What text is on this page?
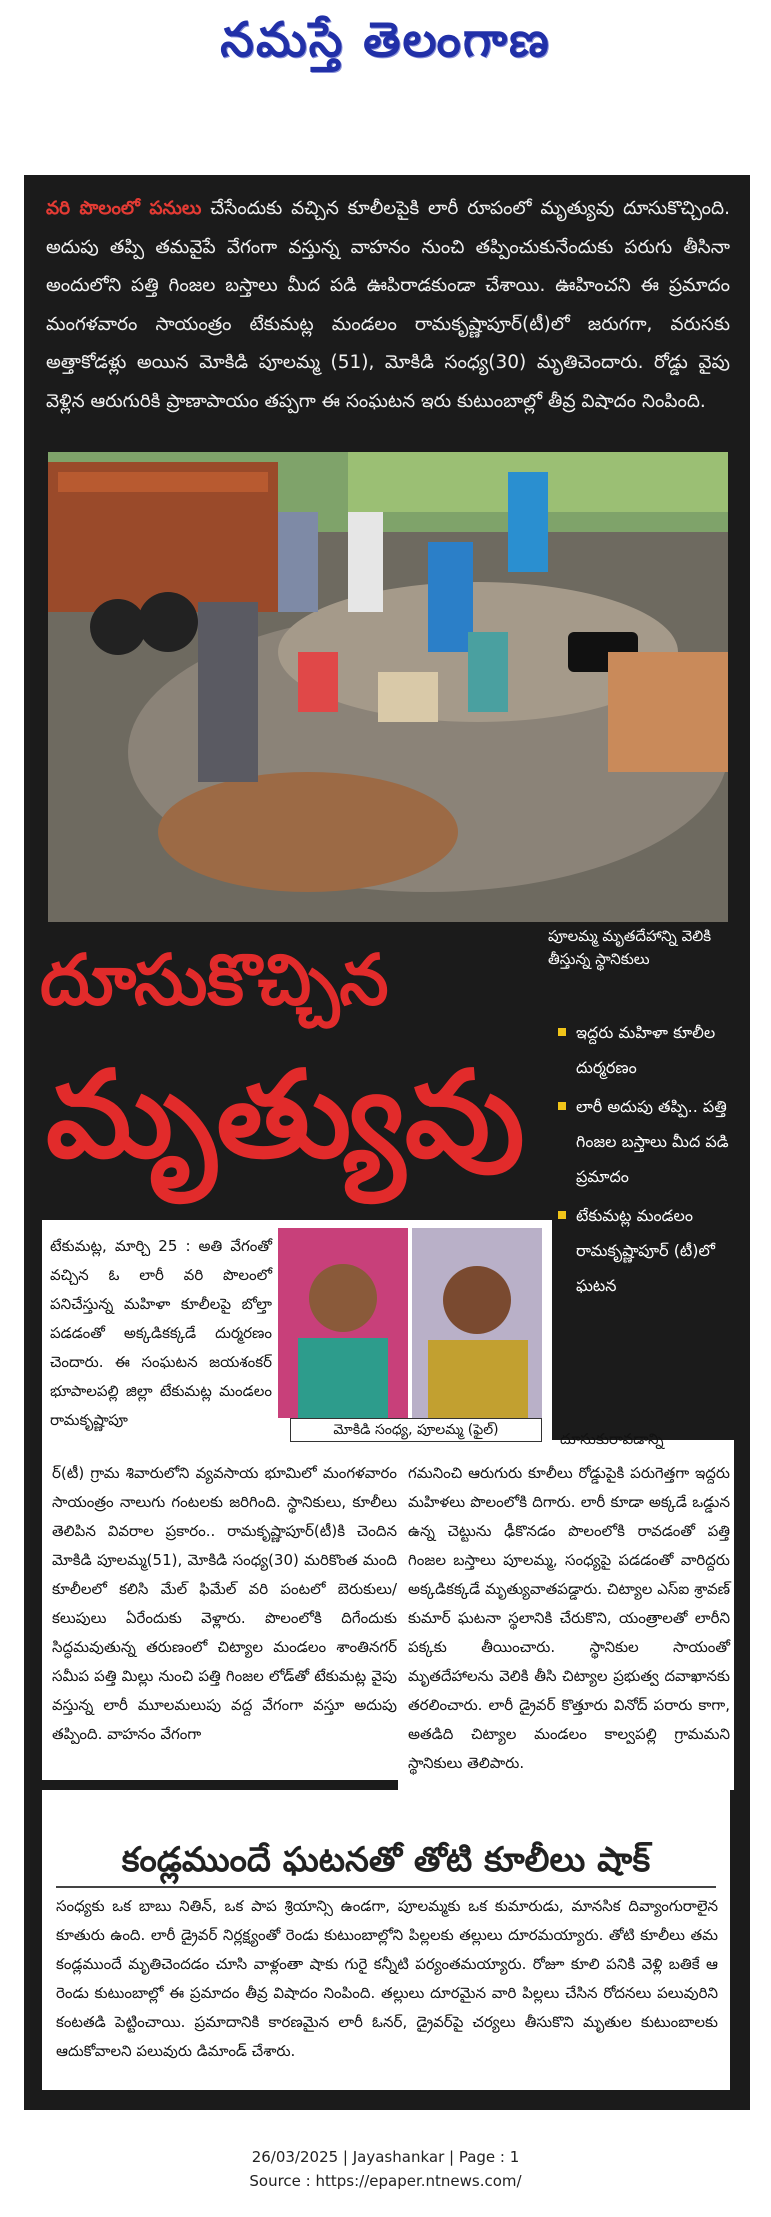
నమస్తే తెలంగాణ
వరి పొలంలో పనులు చేసేందుకు వచ్చిన కూలీలపైకి లారీ రూపంలో మృత్యువు దూసుకొచ్చింది. అదుపు తప్పి తమవైపే వేగంగా వస్తున్న వాహనం నుంచి తప్పించుకునేందుకు పరుగు తీసినా అందులోని పత్తి గింజల బస్తాలు మీద పడి ఊపిరాడకుండా చేశాయి. ఊహించని ఈ ప్రమాదం మంగళవారం సాయంత్రం టేకుమట్ల మండలం రామకృష్ణాపూర్(టీ)లో జరుగగా, వరుసకు అత్తాకోడళ్లు అయిన మోకిడి పూలమ్మ (51), మోకిడి సంధ్య(30) మృతిచెందారు. రోడ్డు వైపు వెళ్లిన ఆరుగురికి ప్రాణాపాయం తప్పగా ఈ సంఘటన ఇరు కుటుంబాల్లో తీవ్ర విషాదం నింపింది.
దూసుకొచ్చిన
మృత్యువు
పూలమ్మ మృతదేహాన్ని వెలికి తీస్తున్న స్థానికులు
ఇద్దరు మహిళా కూలీల దుర్మరణం
లారీ అదుపు తప్పి.. పత్తి గింజల బస్తాలు మీద పడి ప్రమాదం
టేకుమట్ల మండలం రామకృష్ణాపూర్ (టీ)లో ఘటన
టేకుమట్ల, మార్చి 25 : అతి వేగంతో వచ్చిన ఓ లారీ వరి పొలంలో పనిచేస్తున్న మహిళా కూలీలపై బోల్తా పడడంతో అక్కడికక్కడే దుర్మరణం చెందారు. ఈ సంఘటన జయశంకర్ భూపాలపల్లి జిల్లా టేకుమట్ల మండలం రామకృష్ణాపూ
మోకిడి సంధ్య, పూలమ్మ (ఫైల్)	దూసుకురావడాన్ని
ర్(టీ) గ్రామ శివారులోని వ్యవసాయ భూమిలో మంగళవారం సాయంత్రం నాలుగు గంటలకు జరిగింది. స్థానికులు, కూలీలు తెలిపిన వివరాల ప్రకారం.. రామకృష్ణాపూర్(టీ)కి చెందిన మోకిడి పూలమ్మ(51), మోకిడి సంధ్య(30) మరికొంత మంది కూలీలలో కలిసి మేల్ ఫిమేల్ వరి పంటలో బెరుకులు/కలుపులు ఏరేందుకు వెళ్లారు. పొలంలోకి దిగేందుకు సిద్ధమవుతున్న తరుణంలో చిట్యాల మండలం శాంతినగర్ సమీప పత్తి మిల్లు నుంచి పత్తి గింజల లోడ్‌తో టేకుమట్ల వైపు వస్తున్న లారీ మూలమలుపు వద్ద వేగంగా వస్తూ అదుపు తప్పింది. వాహనం వేగంగా
గమనించి ఆరుగురు కూలీలు రోడ్డుపైకి పరుగెత్తగా ఇద్దరు మహిళలు పొలంలోకి దిగారు. లారీ కూడా అక్కడే ఒడ్డున ఉన్న చెట్టును ఢీకొనడం పొలంలోకి రావడంతో పత్తి గింజల బస్తాలు పూలమ్మ, సంధ్యపై పడడంతో వారిద్దరు అక్కడికక్కడే మృత్యువాతపడ్డారు. చిట్యాల ఎస్ఐ శ్రావణ్ కుమార్ ఘటనా స్థలానికి చేరుకొని, యంత్రాలతో లారీని పక్కకు తీయించారు. స్థానికుల సాయంతో మృతదేహాలను వెలికి తీసి చిట్యాల ప్రభుత్వ దవాఖానకు తరలించారు. లారీ డ్రైవర్ కొత్తూరు వినోద్ పరారు కాగా, అతడిది చిట్యాల మండలం కాల్వపల్లి గ్రామమని స్థానికులు తెలిపారు.
కండ్లముందే ఘటనతో తోటి కూలీలు షాక్
సంధ్యకు ఒక బాబు నితిన్, ఒక పాప శ్రియాన్సి ఉండగా, పూలమ్మకు ఒక కుమారుడు, మానసిక దివ్యాంగురాలైన కూతురు ఉంది. లారీ డ్రైవర్ నిర్లక్ష్యంతో రెండు కుటుంబాల్లోని పిల్లలకు తల్లులు దూరమయ్యారు. తోటి కూలీలు తమ కండ్లముందే మృతిచెందడం చూసి వాళ్లంతా షాకు గురై కన్నీటి పర్యంతమయ్యారు. రోజూ కూలి పనికి వెళ్లి బతికే ఆ రెండు కుటుంబాల్లో ఈ ప్రమాదం తీవ్ర విషాదం నింపింది. తల్లులు దూరమైన వారి పిల్లలు చేసిన రోదనలు పలువురిని కంటతడి పెట్టించాయి. ప్రమాదానికి కారణమైన లారీ ఓనర్, డ్రైవర్‌పై చర్యలు తీసుకొని మృతుల కుటుంబాలకు ఆదుకోవాలని పలువురు డిమాండ్ చేశారు.
26/03/2025 | Jayashankar | Page : 1
Source : https://epaper.ntnews.com/
